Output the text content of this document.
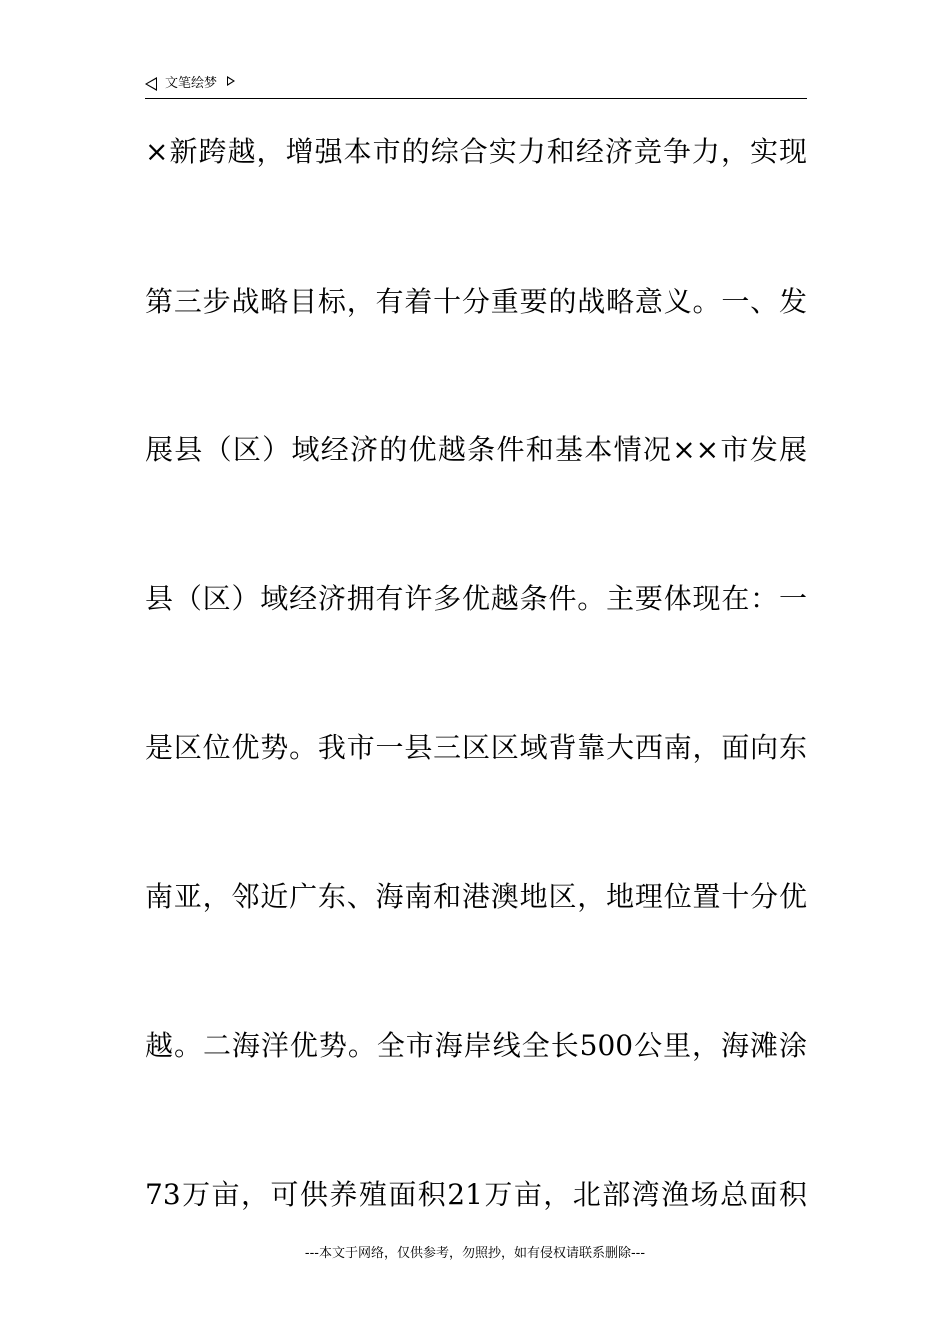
文笔绘梦
×新跨越，增强本市的综合实力和经济竞争力，实现
第三步战略目标，有着十分重要的战略意义。一、发
展县（区）域经济的优越条件和基本情况××市发展
县（区）域经济拥有许多优越条件。主要体现在：一
是区位优势。我市一县三区区域背靠大西南，面向东
南亚，邻近广东、海南和港澳地区，地理位置十分优
越。二海洋优势。全市海岸线全长500公里，海滩涂
73万亩，可供养殖面积21万亩，北部湾渔场总面积
---本文于网络，仅供参考，勿照抄，如有侵权请联系删除---
